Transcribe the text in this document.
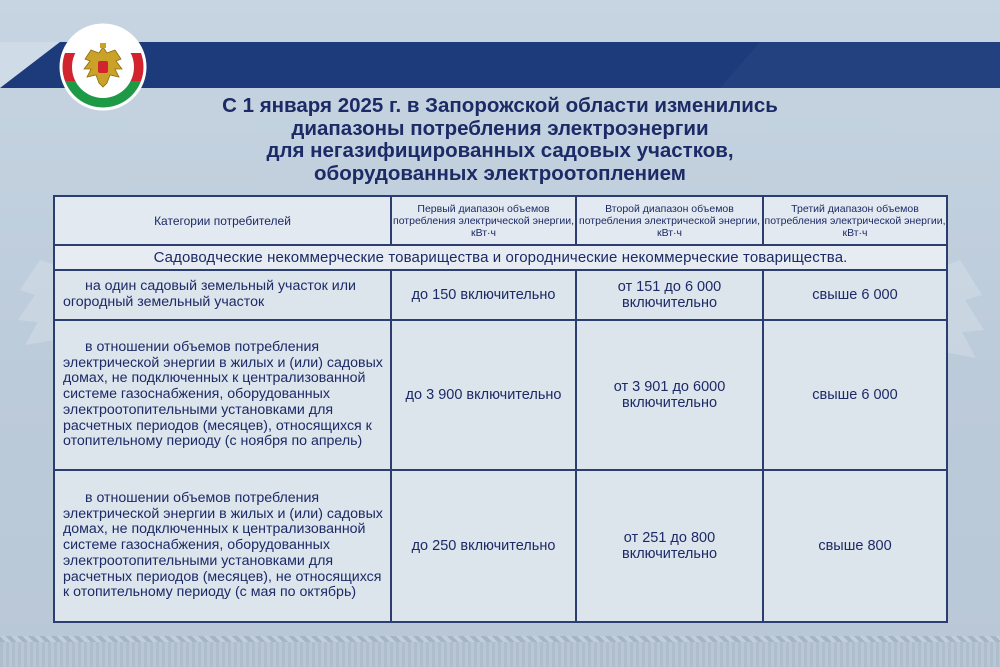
С 1 января 2025 г. в Запорожской области изменились
диапазоны потребления электроэнергии
для негазифицированных садовых участков,
оборудованных электроотоплением
Категории потребителей	Первый диапазон объемов потребления электрической энергии, кВт·ч	Второй диапазон объемов потребления электрической энергии, кВт·ч	Третий диапазон объемов потребления электрической энергии, кВт·ч
Садоводческие некоммерческие товарищества и огороднические некоммерческие товарищества.			
на один садовый земельный участок или огородный земельный участок	до 150 включительно	от 151 до 6 000 включительно	свыше 6 000
в отношении объемов потребления электрической энергии в жилых и (или) садовых домах, не подключенных к централизованной системе газоснабжения, оборудованных электроотопительными установками для расчетных периодов (месяцев), относящихся к отопительному периоду (с ноября по апрель)	до 3 900 включительно	от 3 901 до 6000 включительно	свыше 6 000
в отношении объемов потребления электрической энергии в жилых и (или) садовых домах, не подключенных к централизованной системе газоснабжения, оборудованных электроотопительными установками для расчетных периодов (месяцев), не относящихся к отопительному периоду (с мая по октябрь)	до 250 включительно	от 251 до 800 включительно	свыше 800
